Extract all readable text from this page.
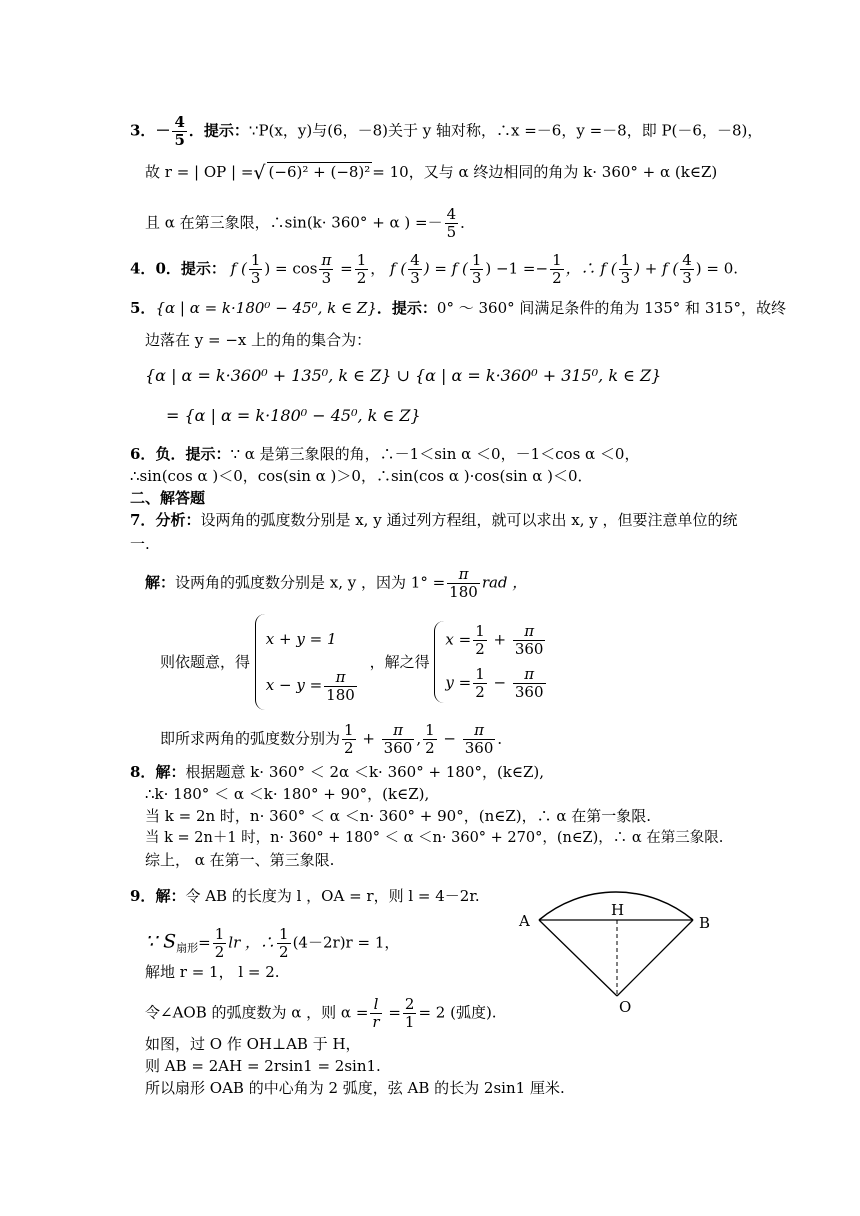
3．－ $\frac{4}{5}$ ．提示：∵P(x，y)与(6，－8)关于 y 轴对称，∴x =－6，y =－8，即 P(－6，－8)，
故 r = | OP | =√ (−6)² + (−8)² = 10，又与 α 终边相同的角为 k· 360° + α (k∈Z)
且 α 在第三象限，∴sin(k· 360° + α ) =－ $\frac{4}{5}$ ．
4．0．提示： f ( $\frac{1}{3}$ ) = $\cos \frac{\pi}{3} = \frac{1}{2}$ ， f ( $\frac{4}{3}$ ) = f ( $\frac{1}{3}$ ) $-1 =- \frac{1}{2}$ ，∴ f ( $\frac{1}{3}$ ) + f ( $\frac{4}{3}$ ) = 0.
5．{α | α = k·180⁰ − 45⁰, k ∈ Z}．提示：0° ～ 360° 间满足条件的角为 135° 和 315°，故终
边落在 y = −x 上的角的集合为：
{α | α = k·360⁰ + 135⁰, k ∈ Z} ∪ {α | α = k·360⁰ + 315⁰, k ∈ Z}
= {α | α = k·180⁰ − 45⁰, k ∈ Z}
6．负．提示：∵ α 是第三象限的角，∴－1＜sin α ＜0，－1＜cos α ＜0，
∴sin(cos α )＜0，cos(sin α )＞0，∴sin(cos α )·cos(sin α )＜0．
二、解答题
7．分析：设两角的弧度数分别是 x, y 通过列方程组，就可以求出 x, y ，但要注意单位的统
一.
解：设两角的弧度数分别是 x, y ，因为 $1^\circ = \frac{\pi}{180}$ rad ，
则依题意，得
x + y = 1
$x - y = \frac{\pi}{180}$
，解之得
$x = \frac{1}{2} + \frac{\pi}{360}$
$y = \frac{1}{2} - \frac{\pi}{360}$
即所求两角的弧度数分别为 $\frac{1}{2} + \frac{\pi}{360}$ , $\frac{1}{2} - \frac{\pi}{360}$ ．
8．解：根据题意 k· 360° ＜ 2α ＜k· 360° + 180°，(k∈Z),
∴k· 180° ＜ α ＜k· 180° + 90°，(k∈Z),
当 k = 2n 时，n· 360° ＜ α ＜n· 360° + 90°，(n∈Z)，∴ α 在第一象限.
当 k = 2n＋1 时，n· 360° + 180° ＜ α ＜n· 360° + 270°，(n∈Z)，∴ α 在第三象限.
综上， α 在第一、第三象限.
9．解：令 AB 的长度为 l ，OA = r，则 l = 4－2r.
∵ $S_{扇形}= \frac{1}{2}$ lr ，∴ $\frac{1}{2} (4-2r)r = 1$，
解地 r = 1， l = 2.
令∠AOB 的弧度数为 α ，则 $\alpha = \frac{l}{r} = \frac{2}{1} = 2$ (弧度).
如图，过 O 作 OH⊥AB 于 H，
则 AB = 2AH = 2rsin1 = 2sin1.
所以扇形 OAB 的中心角为 2 弧度，弦 AB 的长为 2sin1 厘米.
A	B
H
O
